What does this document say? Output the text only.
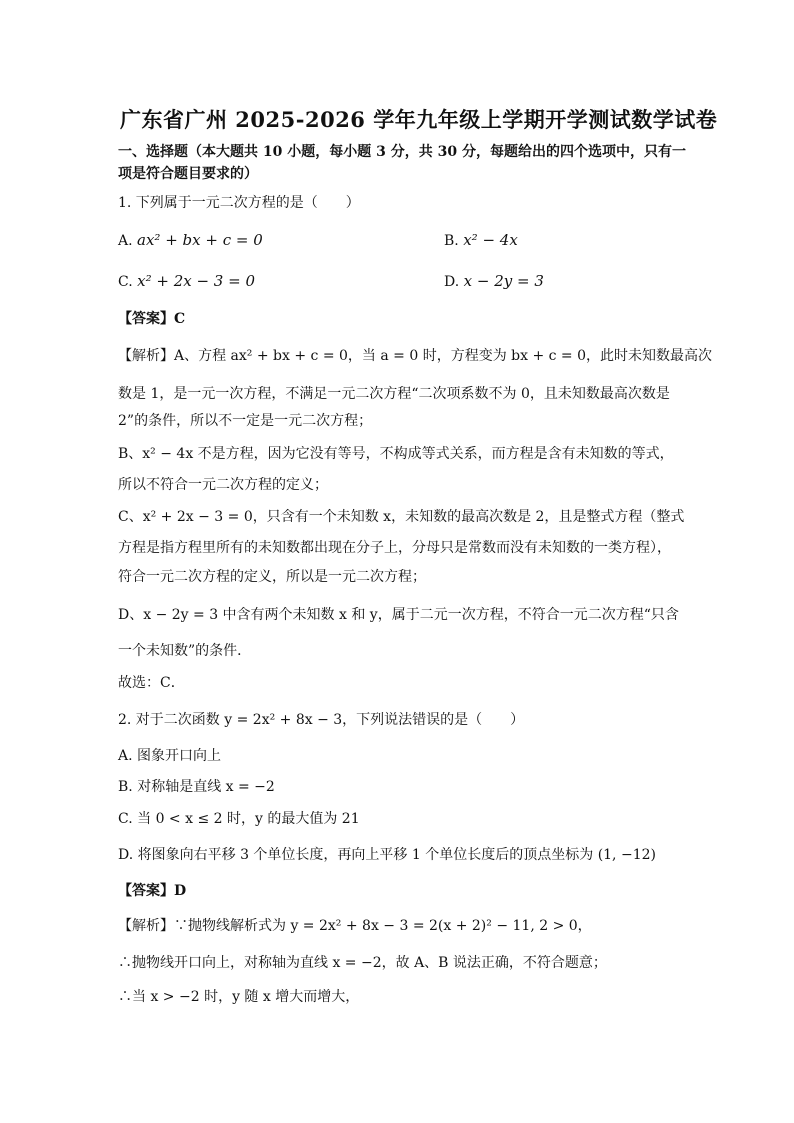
广东省广州 2025-2026 学年九年级上学期开学测试数学试卷
一、选择题（本大题共 10 小题，每小题 3 分，共 30 分，每题给出的四个选项中，只有一
项是符合题目要求的）
1. 下列属于一元二次方程的是（　　）
A. ax² + bx + c = 0	B. x² − 4x
C. x² + 2x − 3 = 0	D. x − 2y = 3
【答案】C
【解析】A、方程 ax² + bx + c = 0，当 a = 0 时，方程变为 bx + c = 0，此时未知数最高次
数是 1，是一元一次方程，不满足一元二次方程“二次项系数不为 0，且未知数最高次数是
2”的条件，所以不一定是一元二次方程；
B、x² − 4x 不是方程，因为它没有等号，不构成等式关系，而方程是含有未知数的等式，
所以不符合一元二次方程的定义；
C、x² + 2x − 3 = 0，只含有一个未知数 x，未知数的最高次数是 2，且是整式方程（整式
方程是指方程里所有的未知数都出现在分子上，分母只是常数而没有未知数的一类方程），
符合一元二次方程的定义，所以是一元二次方程；
D、x − 2y = 3 中含有两个未知数 x 和 y，属于二元一次方程，不符合一元二次方程“只含
一个未知数”的条件．
故选：C．
2. 对于二次函数 y = 2x² + 8x − 3，下列说法错误的是（　　）
A. 图象开口向上
B. 对称轴是直线 x = −2
C. 当 0 < x ≤ 2 时，y 的最大值为 21
D. 将图象向右平移 3 个单位长度，再向上平移 1 个单位长度后的顶点坐标为 (1, −12)
【答案】D
【解析】∵抛物线解析式为 y = 2x² + 8x − 3 = 2(x + 2)² − 11, 2 > 0，
∴抛物线开口向上，对称轴为直线 x = −2，故 A、B 说法正确，不符合题意；
∴当 x > −2 时，y 随 x 增大而增大，
